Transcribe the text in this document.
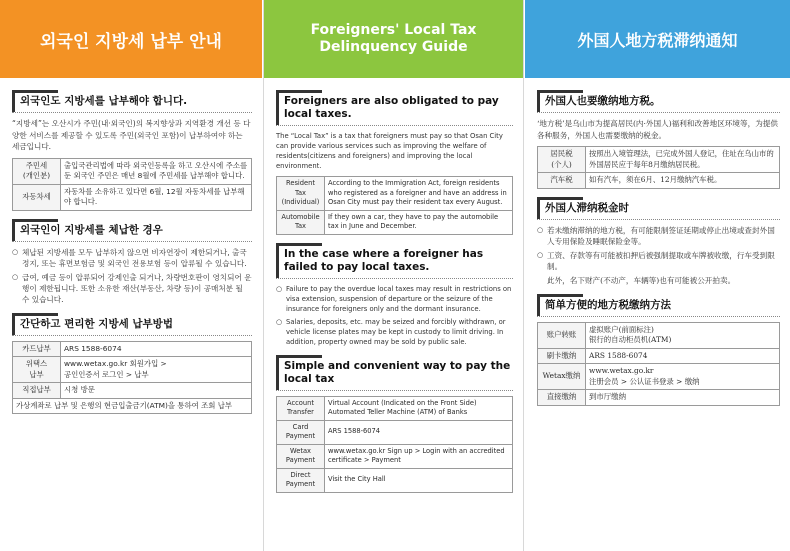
외국인 지방세 납부 안내
외국인도 지방세를 납부해야 합니다.
“지방세”는 오산시가 주민(내·외국인)의 복지향상과 지역환경 개선 등 다양한 서비스를 제공할 수 있도록 주민(외국인 포함)이 납부하여야 하는 세금입니다.
주민세
(개인분)	출입국관리법에 따라 외국인등록을 하고 오산시에 주소를 둔 외국인 주민은 매년 8월에 주민세를 납부해야 합니다.
자동차세	자동차를 소유하고 있다면 6월, 12월 자동차세를 납부해야 합니다.
외국인이 지방세를 체납한 경우
○ 체납된 지방세를 모두 납부하지 않으면 비자연장이 제한되거나, 출국정지, 또는 휴면보험금 및 외국인 전용보험 등이 압류될 수 있습니다.
○ 급여, 예금 등이 압류되어 강제인출 되거나, 차량번호판이 영치되어 운행이 제한됩니다. 또한 소유한 재산(부동산, 차량 등)이 공매처분 될 수 있습니다.
간단하고 편리한 지방세 납부방법
카드납부	ARS 1588-6074
위택스
납부	www.wetax.go.kr 회원가입 >
공인인증서 로그인 > 납부
직접납부	시청 방문
가상계좌로 납부 및 은행의 현금입출금기(ATM)을 통하여 조회 납부	
Foreigners' Local Tax
Delinquency Guide
Foreigners are also obligated to pay local taxes.
The “Local Tax” is a tax that foreigners must pay so that Osan City can provide various services such as improving the welfare of residents(citizens and foreigners) and improving the local environment.
Resident Tax
(Individual)	According to the Immigration Act, foreign residents who registered as a foreigner and have an address in Osan City must pay their resident tax every August.
Automobile
Tax	If they own a car, they have to pay the automobile tax in June and December.
In the case where a foreigner has failed to pay local taxes.
○ Failure to pay the overdue local taxes may result in restrictions on visa extension, suspension of departure or the seizure of the insurance for foreigners only and the dormant insurance.
○ Salaries, deposits, etc. may be seized and forcibly withdrawn, or vehicle license plates may be kept in custody to limit driving. In addition, property owned may be sold by public sale.
Simple and convenient way to pay the local tax
Account
Transfer	Virtual Account (Indicated on the Front Side)
Automated Teller Machine (ATM) of Banks
Card Payment	ARS 1588-6074
Wetax
Payment	www.wetax.go.kr Sign up > Login with an accredited certificate > Payment
Direct Payment	Visit the City Hall
外国人地方税滞纳通知
外国人也要缴纳地方税。
‘地方税’是乌山市为提高居民(内·外国人)福利和改善地区环境等，为提供各种服务，外国人也需要缴纳的税金。
居民税
(个人)	按照出入境管理法，已完成外国人登记，住址在乌山市的外国居民应于每年8月缴纳居民税。
汽车税	如有汽车，须在6月、12月缴纳汽车税。
外国人滞纳税金时
○ 若未缴纳滞纳的地方税，有可能限制签证延期或停止出境或查封外国人专用保险及睡眠保险金等。
○ 工资、存款等有可能被扣押后被强制提取或车牌被收缴，行车受到限制。
此外，名下财产(不动产，车辆等)也有可能被公开拍卖。
简单方便的地方税缴纳方法
账户转账	虚拟账户(前面标注)
银行的自动柜员机(ATM)
刷卡缴纳	ARS 1588-6074
Wetax缴纳	www.wetax.go.kr
注册会员 > 公认证书登录 > 缴纳
直接缴纳	到市厅缴纳
